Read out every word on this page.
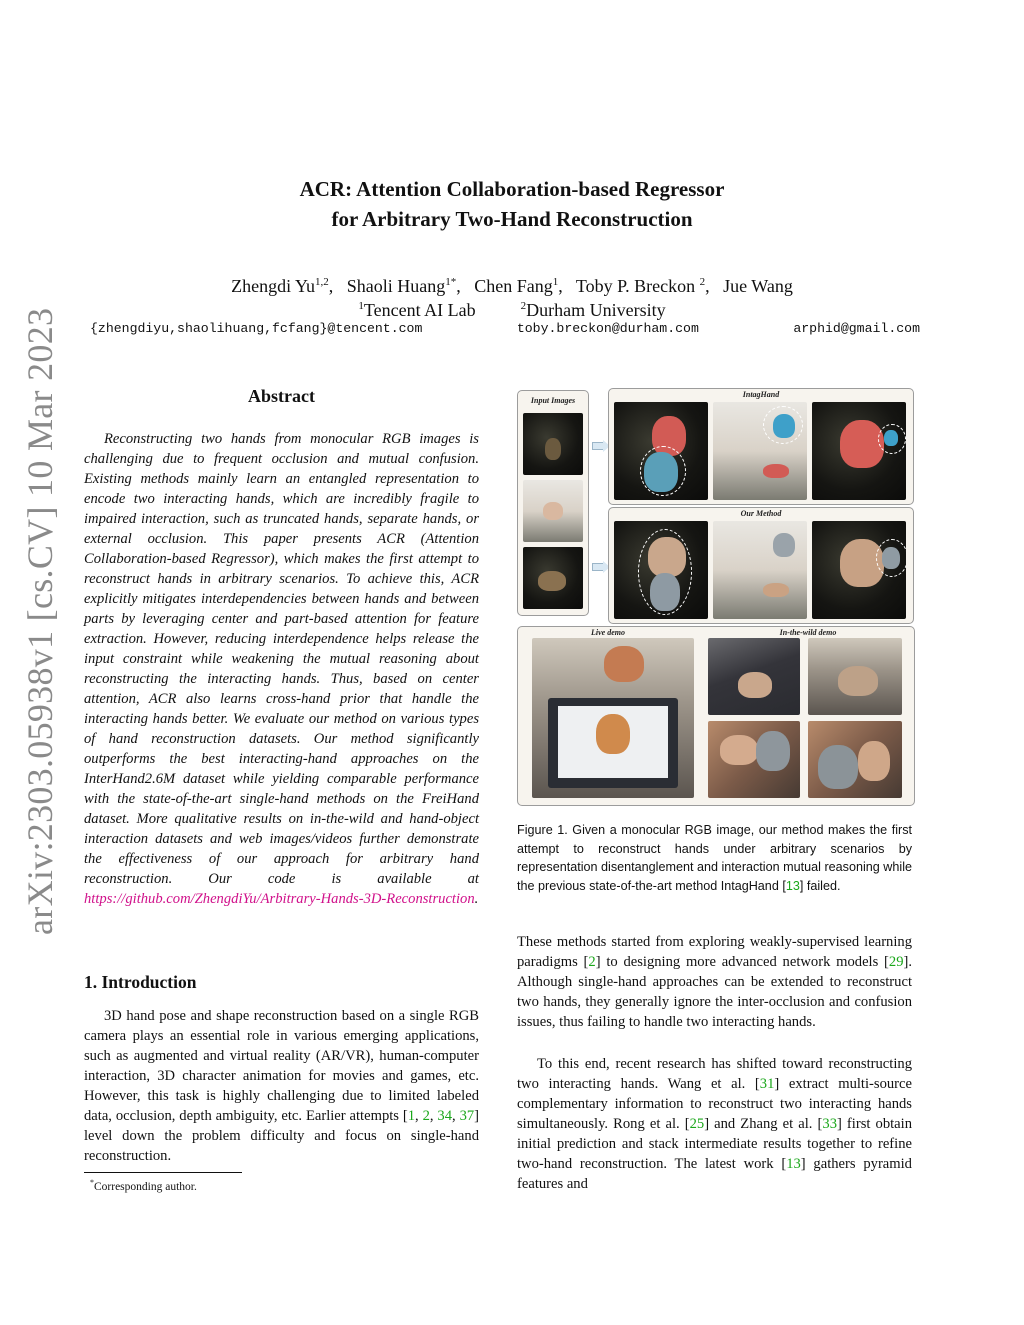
arXiv:2303.05938v1 [cs.CV] 10 Mar 2023
ACR: Attention Collaboration-based Regressor
for Arbitrary Two-Hand Reconstruction
Zhengdi Yu$^{1,2}$,   Shaoli Huang$^{1*}$,   Chen Fang$^1$,   Toby P. Breckon $^2$,   Jue Wang
$^1$Tencent AI Lab	$^2$Durham University
{zhengdiyu,shaolihuang,fcfang}@tencent.com	toby.breckon@durham.com	arphid@gmail.com
Abstract

Reconstructing two hands from monocular RGB images is challenging due to frequent occlusion and mutual confusion. Existing methods mainly learn an entangled representation to encode two interacting hands, which are incredibly fragile to impaired interaction, such as truncated hands, separate hands, or external occlusion. This paper presents ACR (Attention Collaboration-based Regressor), which makes the first attempt to reconstruct hands in arbitrary scenarios. To achieve this, ACR explicitly mitigates interdependencies between hands and between parts by leveraging center and part-based attention for feature extraction. However, reducing interdependence helps release the input constraint while weakening the mutual reasoning about reconstructing the interacting hands. Thus, based on center attention, ACR also learns cross-hand prior that handle the interacting hands better. We evaluate our method on various types of hand reconstruction datasets. Our method significantly outperforms the best interacting-hand approaches on the InterHand2.6M dataset while yielding comparable performance with the state-of-the-art single-hand methods on the FreiHand dataset. More qualitative results on in-the-wild and hand-object interaction datasets and web images/videos further demonstrate the effectiveness of our approach for arbitrary hand reconstruction. Our code is available at https://github.com/ZhengdiYu/Arbitrary-Hands-3D-Reconstruction.

1. Introduction

3D hand pose and shape reconstruction based on a single RGB camera plays an essential role in various emerging applications, such as augmented and virtual reality (AR/VR), human-computer interaction, 3D character animation for movies and games, etc. However, this task is highly challenging due to limited labeled data, occlusion, depth ambiguity, etc. Earlier attempts [1, 2, 34, 37] level down the problem difficulty and focus on single-hand reconstruction.

*Corresponding author.
Input Images
IntagHand
Our Method
Live demo	In-the-wild demo

Figure 1. Given a monocular RGB image, our method makes the first attempt to reconstruct hands under arbitrary scenarios by representation disentanglement and interaction mutual reasoning while the previous state-of-the-art method IntagHand [13] failed.

These methods started from exploring weakly-supervised learning paradigms [2] to designing more advanced network models [29]. Although single-hand approaches can be extended to reconstruct two hands, they generally ignore the inter-occlusion and confusion issues, thus failing to handle two interacting hands.

To this end, recent research has shifted toward reconstructing two interacting hands. Wang et al. [31] extract multi-source complementary information to reconstruct two interacting hands simultaneously. Rong et al. [25] and Zhang et al. [33] first obtain initial prediction and stack intermediate results together to refine two-hand reconstruction. The latest work [13] gathers pyramid features and
